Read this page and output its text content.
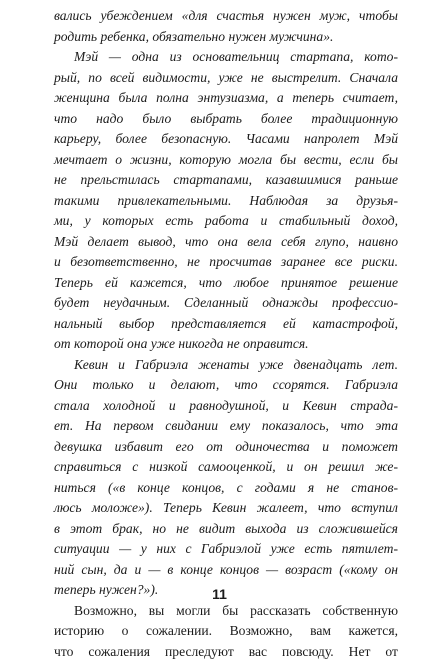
вались убеждением «для счастья нужен муж, чтобы
родить ребенка, обязательно нужен мужчина».
Мэй — одна из основательниц стартапа, кото-
рый, по всей видимости, уже не выстрелит. Сначала
женщина была полна энтузиазма, а теперь считает,
что надо было выбрать более традиционную
карьеру, более безопасную. Часами напролет Мэй
мечтает о жизни, которую могла бы вести, если бы
не прельстилась стартапами, казавшимися раньше
такими привлекательными. Наблюдая за друзья-
ми, у которых есть работа и стабильный доход,
Мэй делает вывод, что она вела себя глупо, наивно
и безответственно, не просчитав заранее все риски.
Теперь ей кажется, что любое принятое решение
будет неудачным. Сделанный однажды профессио-
нальный выбор представляется ей катастрофой,
от которой она уже никогда не оправится.
Кевин и Габриэла женаты уже двенадцать лет.
Они только и делают, что ссорятся. Габриэла
стала холодной и равнодушной, и Кевин страда-
ет. На первом свидании ему показалось, что эта
девушка избавит его от одиночества и поможет
справиться с низкой самооценкой, и он решил же-
ниться («в конце концов, с годами я не станов-
люсь моложе»). Теперь Кевин жалеет, что вступил
в этот брак, но не видит выхода из сложившейся
ситуации — у них с Габриэлой уже есть пятилет-
ний сын, да и — в конце концов — возраст («кому он
теперь нужен?»).
Возможно, вы могли бы рассказать собственную
историю о сожалении. Возможно, вам кажется,
что сожаления преследуют вас повсюду. Нет от
11
